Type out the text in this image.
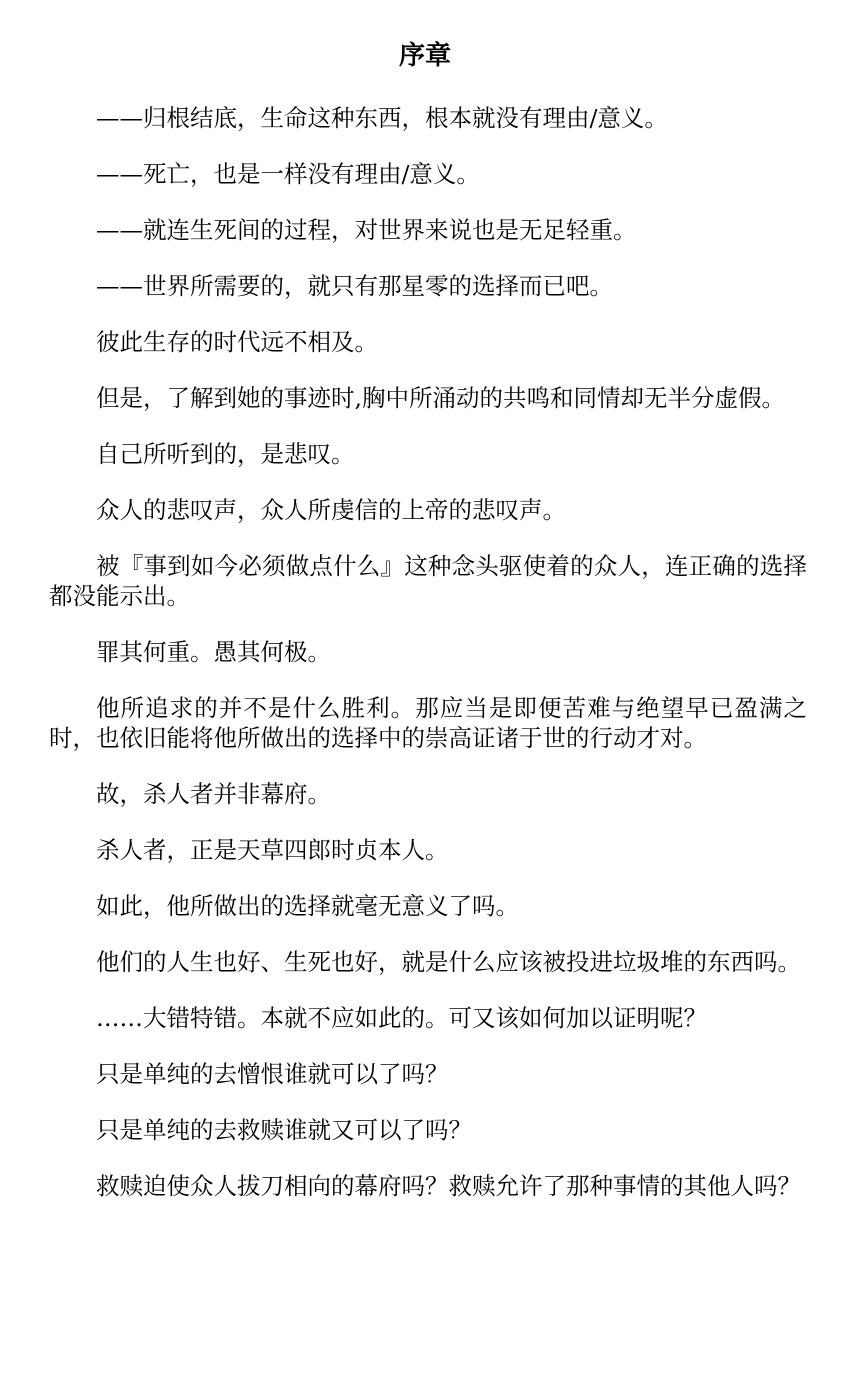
序章

——归根结底，生命这种东西，根本就没有理由/意义。

——死亡，也是一样没有理由/意义。

——就连生死间的过程，对世界来说也是无足轻重。

——世界所需要的，就只有那星零的选择而已吧。

彼此生存的时代远不相及。

但是，了解到她的事迹时,胸中所涌动的共鸣和同情却无半分虚假。

自己所听到的，是悲叹。

众人的悲叹声，众人所虔信的上帝的悲叹声。

被『事到如今必须做点什么』这种念头驱使着的众人，连正确的选择都没能示出。

罪其何重。愚其何极。

他所追求的并不是什么胜利。那应当是即便苦难与绝望早已盈满之时，也依旧能将他所做出的选择中的崇高证诸于世的行动才对。

故，杀人者并非幕府。

杀人者，正是天草四郎时贞本人。

如此，他所做出的选择就毫无意义了吗。

他们的人生也好、生死也好，就是什么应该被投进垃圾堆的东西吗。

……大错特错。本就不应如此的。可又该如何加以证明呢？

只是单纯的去憎恨谁就可以了吗？

只是单纯的去救赎谁就又可以了吗？

救赎迫使众人拔刀相向的幕府吗？救赎允许了那种事情的其他人吗？
